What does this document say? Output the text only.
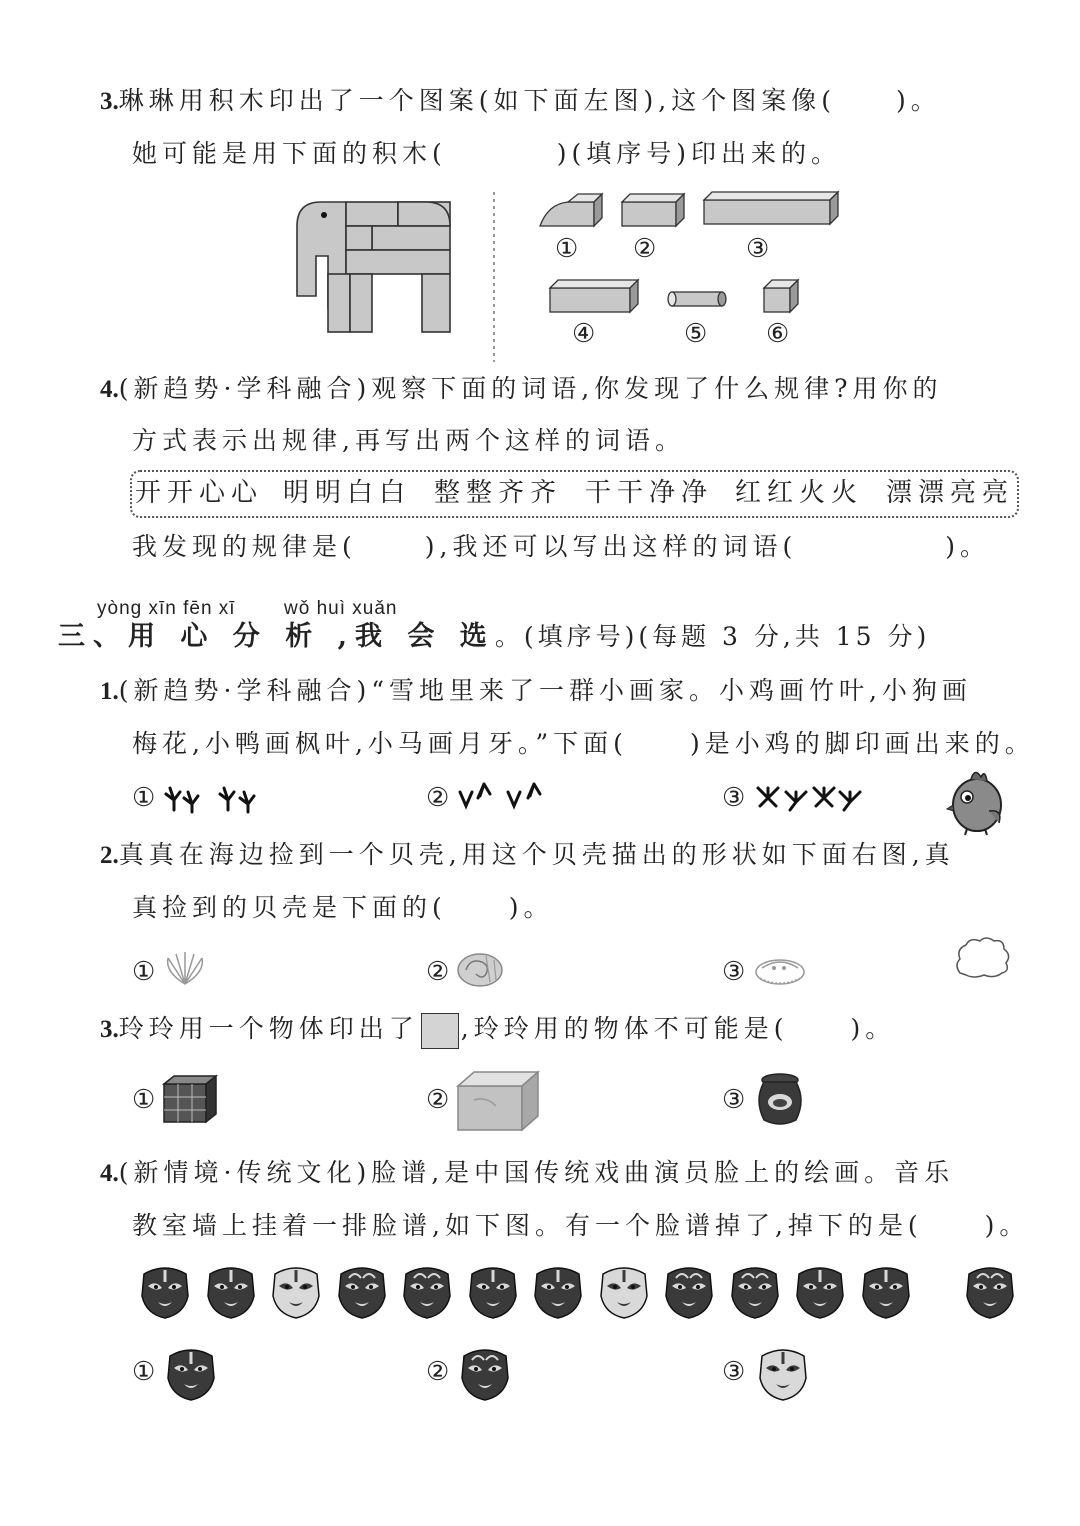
3.琳琳用积木印出了一个图案(如下面左图),这个图案像( )。
她可能是用下面的积木(	)(填序号)印出来的。
① ②	③
④	⑤ ⑥
4.(新趋势·学科融合)观察下面的词语,你发现了什么规律?用你的
方式表示出规律,再写出两个这样的词语。
开开心心 明明白白 整整齐齐 干干净净 红红火火 漂漂亮亮
我发现的规律是(	),我还可以写出这样的词语(	)。
yòng xīn fēn xī	wǒ huì xuǎn
三、用 心 分 析 ,我 会 选。(填序号)(每题 3 分,共 15 分)
1.(新趋势·学科融合)“雪地里来了一群小画家。小鸡画竹叶,小狗画
梅花,小鸭画枫叶,小马画月牙。”下面( )是小鸡的脚印画出来的。
①	②	③
2.真真在海边捡到一个贝壳,用这个贝壳描出的形状如下面右图,真
真捡到的贝壳是下面的( )。
①	②	③
3.玲玲用一个物体印出了 ,玲玲用的物体不可能是( )。
①	②	③
4.(新情境·传统文化)脸谱,是中国传统戏曲演员脸上的绘画。音乐
教室墙上挂着一排脸谱,如下图。有一个脸谱掉了,掉下的是( )。
①	②	③
